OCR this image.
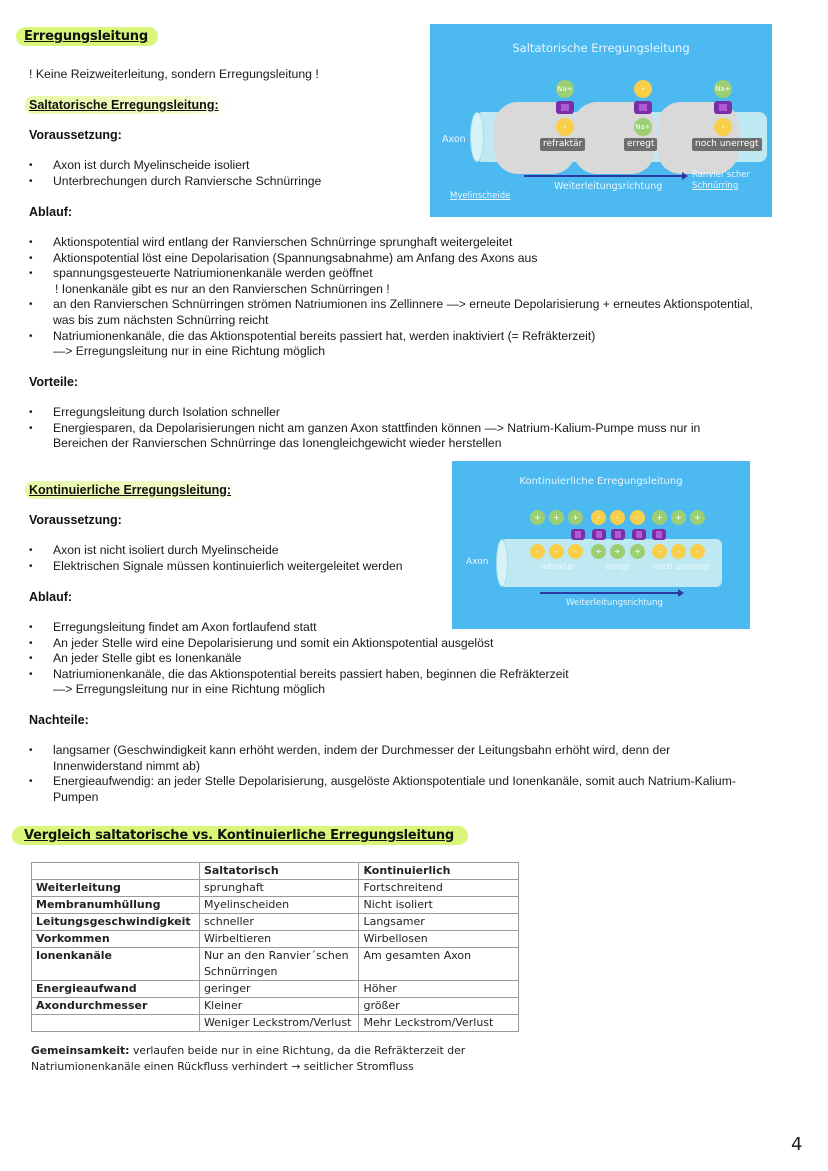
Erregungsleitung
! Keine Reizweiterleitung, sondern Erregungsleitung !
Saltatorische Erregungsleitung:
Voraussetzung:
• Axon ist durch Myelinscheide isoliert
• Unterbrechungen durch Ranviersche Schnürringe
Ablauf:
• Aktionspotential wird entlang der Ranvierschen Schnürringe sprunghaft weitergeleitet
• Aktionspotential löst eine Depolarisation (Spannungsabnahme) am Anfang des Axons aus
• spannungsgesteuerte Natriumionenkanäle werden geöffnet
! Ionenkanäle gibt es nur an den Ranvierschen Schnürringen !
• an den Ranvierschen Schnürringen strömen Natriumionen ins Zellinnere —> erneute Depolarisierung + erneutes Aktionspotential,
was bis zum nächsten Schnürring reicht
• Natriumionenkanäle, die das Aktionspotential bereits passiert hat, werden inaktiviert (= Refräkterzeit)
—> Erregungsleitung nur in eine Richtung möglich
Vorteile:
• Erregungsleitung durch Isolation schneller
• Energiesparen, da Depolarisierungen nicht am ganzen Axon stattfinden können —> Natrium-Kalium-Pumpe muss nur in
Bereichen der Ranvierschen Schnürringe das Ionengleichgewicht wieder herstellen
Saltatorische Erregungsleitung
Axon
Na+	-	Na+
-	Na+	-
refraktär	erregt	noch unerregt
Weiterleitungsrichtung
Myelinscheide
Ranvier'scher
Schnürring
Kontinuierliche Erregungsleitung:
Voraussetzung:
• Axon ist nicht isoliert durch Myelinscheide
• Elektrischen Signale müssen kontinuierlich weitergeleitet werden
Ablauf:
• Erregungsleitung findet am Axon fortlaufend statt
• An jeder Stelle wird eine Depolarisierung und somit ein Aktionspotential ausgelöst
• An jeder Stelle gibt es Ionenkanäle
• Natriumionenkanäle, die das Aktionspotential bereits passiert haben, beginnen die Refräkterzeit
—> Erregungsleitung nur in eine Richtung möglich
Nachteile:
• langsamer (Geschwindigkeit kann erhöht werden, indem der Durchmesser der Leitungsbahn erhöht wird, denn der
Innenwiderstand nimmt ab)
• Energieaufwendig: an jeder Stelle Depolarisierung, ausgelöste Aktionspotentiale und Ionenkanäle, somit auch Natrium-Kalium-
Pumpen
Kontinuierliche Erregungsleitung
Axon
+	+	+	-	-	-	+	+	+
-	-	-	+	+	+	-	-	-
refraktär	erregt	noch unerregt
Weiterleitungsrichtung
Vergleich saltatorische vs. Kontinuierliche Erregungsleitung
	Saltatorisch	Kontinuierlich
Weiterleitung	sprunghaft	Fortschreitend
Membranumhüllung	Myelinscheiden	Nicht isoliert
Leitungsgeschwindigkeit	schneller	Langsamer
Vorkommen	Wirbeltieren	Wirbellosen
Ionenkanäle	Nur an den Ranvier´schen Schnürringen	Am gesamten Axon
Energieaufwand	geringer	Höher
Axondurchmesser	Kleiner	größer
	Weniger Leckstrom/Verlust	Mehr Leckstrom/Verlust
Gemeinsamkeit: verlaufen beide nur in eine Richtung, da die Refräkterzeit der
Natriumionenkanäle einen Rückfluss verhindert → seitlicher Stromfluss
4
